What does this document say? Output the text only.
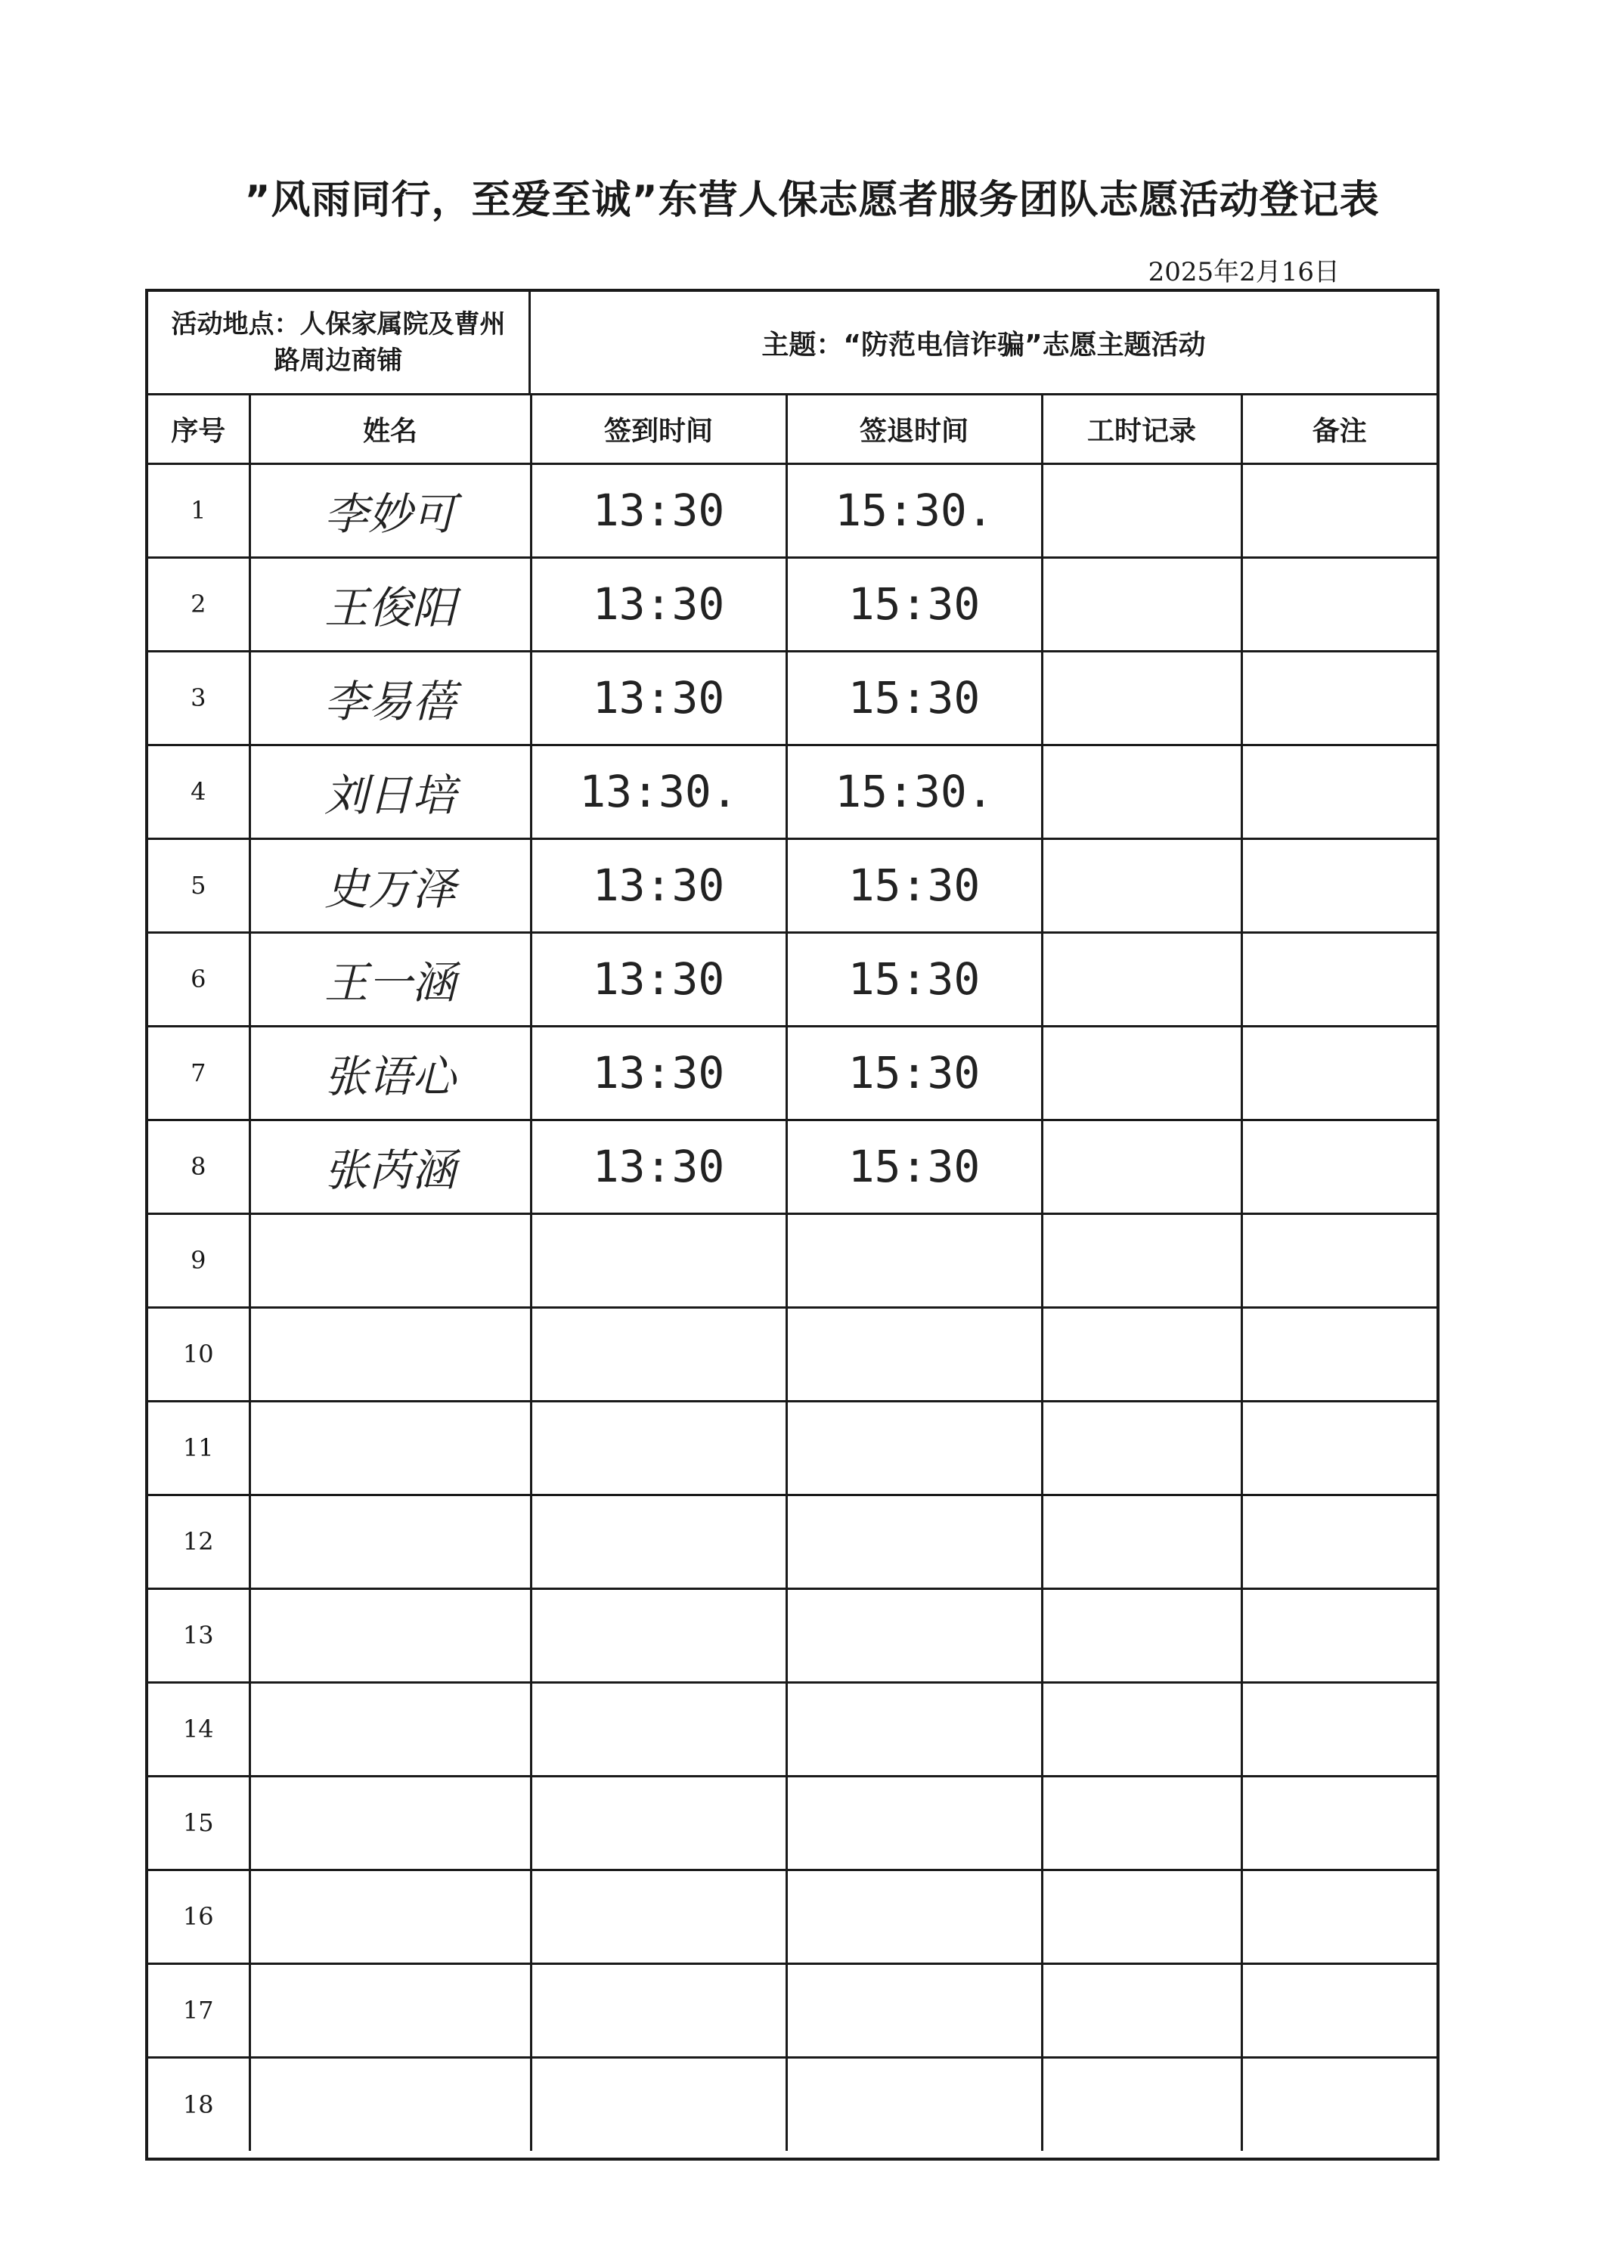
”风雨同行，至爱至诚”东营人保志愿者服务团队志愿活动登记表
2025年2月16日
活动地点：人保家属院及曹州路周边商铺
主题：“防范电信诈骗”志愿主题活动
序号	姓名	签到时间	签退时间	工时记录	备注
1	李妙可	13:30	15:30.		
2	王俊阳	13:30	15:30		
3	李易蓓	13:30	15:30		
4	刘日培	13:30.	15:30.		
5	史万泽	13:30	15:30		
6	王一涵	13:30	15:30		
7	张语心	13:30	15:30		
8	张芮涵	13:30	15:30		
9					
10					
11					
12					
13					
14					
15					
16					
17					
18					
